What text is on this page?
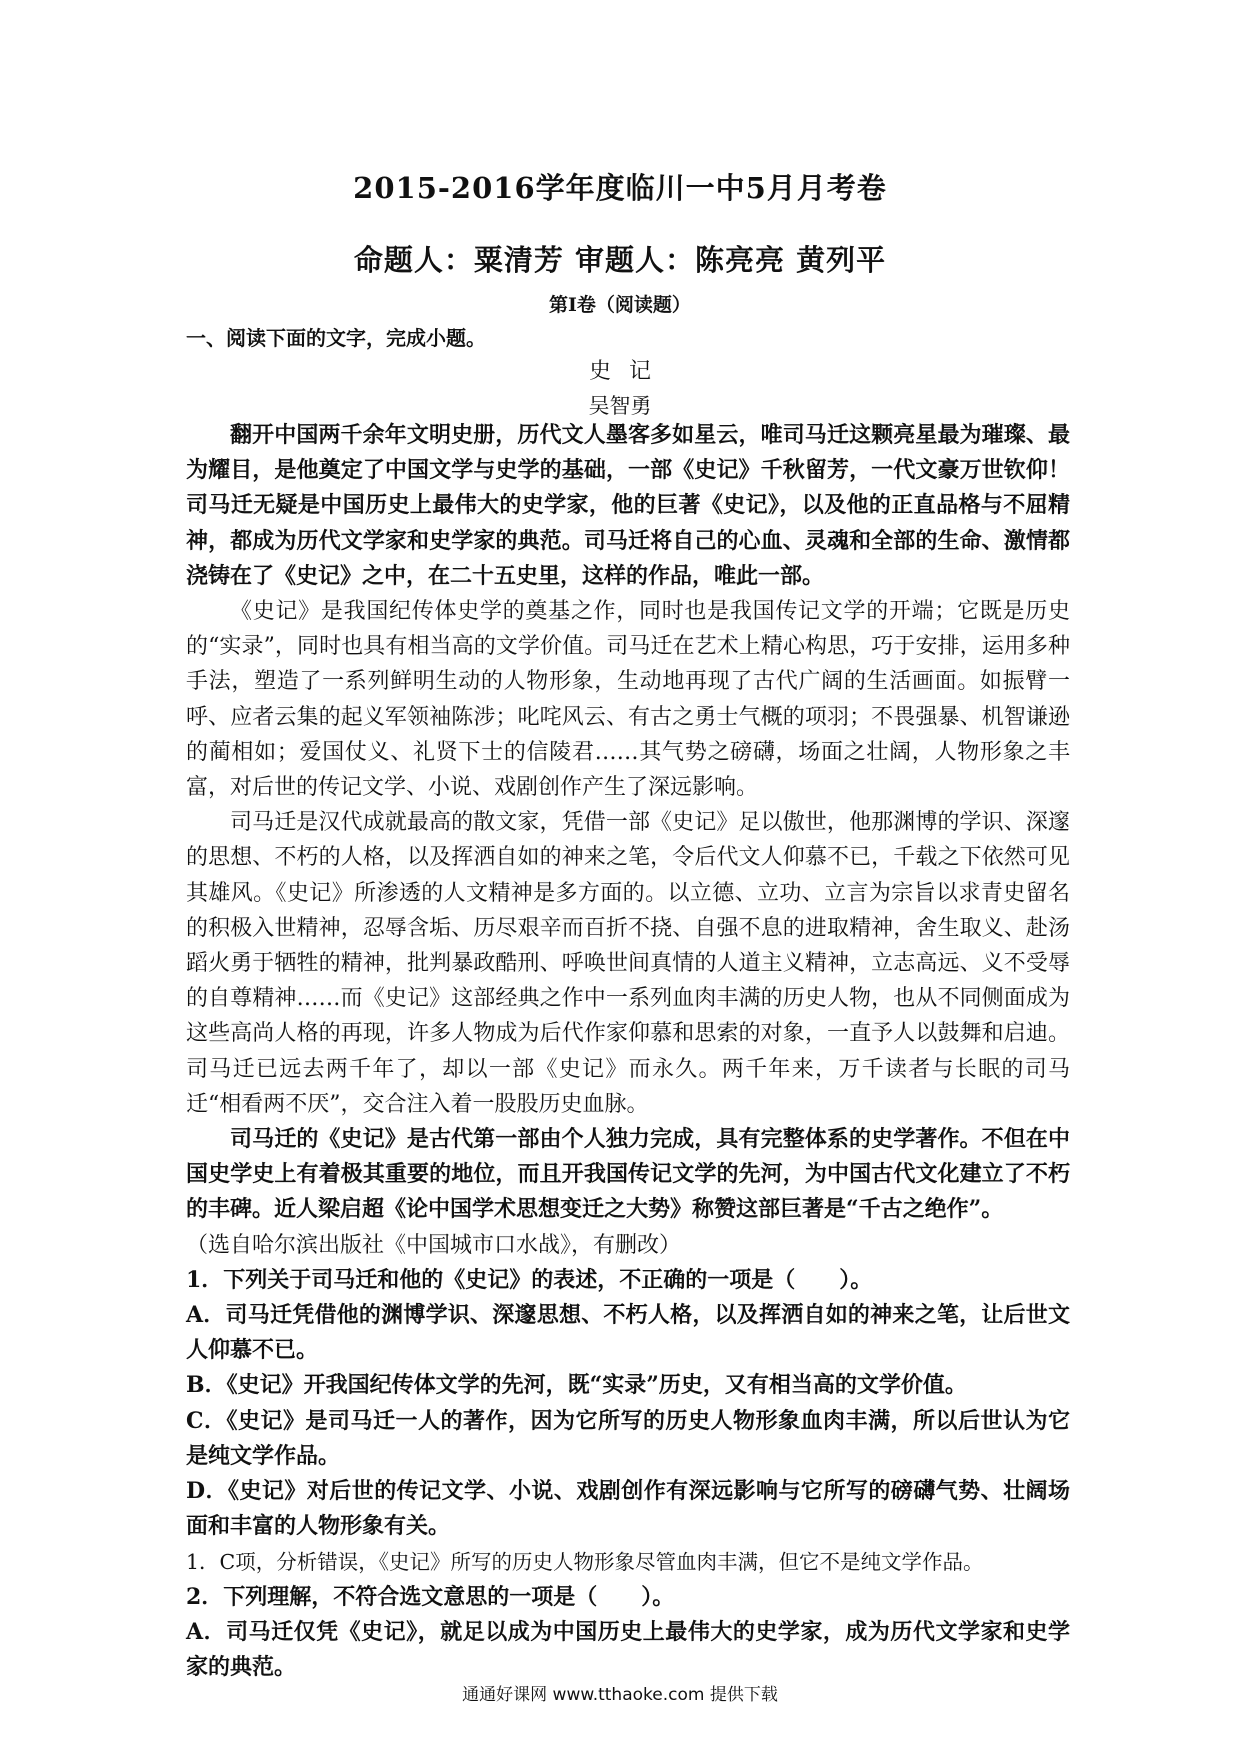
2015-2016学年度临川一中5月月考卷
命题人：粟清芳 审题人：陈亮亮 黄列平
第I卷（阅读题）
一、阅读下面的文字，完成小题。
史记
吴智勇

翻开中国两千余年文明史册，历代文人墨客多如星云，唯司马迁这颗亮星最为璀璨、最为耀目，是他奠定了中国文学与史学的基础，一部《史记》千秋留芳，一代文豪万世钦仰！司马迁无疑是中国历史上最伟大的史学家，他的巨著《史记》，以及他的正直品格与不屈精神，都成为历代文学家和史学家的典范。司马迁将自己的心血、灵魂和全部的生命、激情都浇铸在了《史记》之中，在二十五史里，这样的作品，唯此一部。

《史记》是我国纪传体史学的奠基之作，同时也是我国传记文学的开端；它既是历史的“实录”，同时也具有相当高的文学价值。司马迁在艺术上精心构思，巧于安排，运用多种手法，塑造了一系列鲜明生动的人物形象，生动地再现了古代广阔的生活画面。如振臂一呼、应者云集的起义军领袖陈涉；叱咤风云、有古之勇士气概的项羽；不畏强暴、机智谦逊的蔺相如；爱国仗义、礼贤下士的信陵君……其气势之磅礴，场面之壮阔，人物形象之丰富，对后世的传记文学、小说、戏剧创作产生了深远影响。

司马迁是汉代成就最高的散文家，凭借一部《史记》足以傲世，他那渊博的学识、深邃的思想、不朽的人格，以及挥洒自如的神来之笔，令后代文人仰慕不已，千载之下依然可见其雄风。《史记》所渗透的人文精神是多方面的。以立德、立功、立言为宗旨以求青史留名的积极入世精神，忍辱含垢、历尽艰辛而百折不挠、自强不息的进取精神，舍生取义、赴汤蹈火勇于牺牲的精神，批判暴政酷刑、呼唤世间真情的人道主义精神，立志高远、义不受辱的自尊精神……而《史记》这部经典之作中一系列血肉丰满的历史人物，也从不同侧面成为这些高尚人格的再现，许多人物成为后代作家仰慕和思索的对象，一直予人以鼓舞和启迪。司马迁已远去两千年了，却以一部《史记》而永久。两千年来，万千读者与长眠的司马迁“相看两不厌”，交合注入着一股股历史血脉。

司马迁的《史记》是古代第一部由个人独力完成，具有完整体系的史学著作。不但在中国史学史上有着极其重要的地位，而且开我国传记文学的先河，为中国古代文化建立了不朽的丰碑。近人梁启超《论中国学术思想变迁之大势》称赞这部巨著是“千古之绝作”。

（选自哈尔滨出版社《中国城市口水战》，有删改）

1．下列关于司马迁和他的《史记》的表述，不正确的一项是（　　）。

A．司马迁凭借他的渊博学识、深邃思想、不朽人格，以及挥洒自如的神来之笔，让后世文人仰慕不已。

B．《史记》开我国纪传体文学的先河，既“实录”历史，又有相当高的文学价值。

C．《史记》是司马迁一人的著作，因为它所写的历史人物形象血肉丰满，所以后世认为它是纯文学作品。

D．《史记》对后世的传记文学、小说、戏剧创作有深远影响与它所写的磅礴气势、壮阔场面和丰富的人物形象有关。

1．C项，分析错误，《史记》所写的历史人物形象尽管血肉丰满，但它不是纯文学作品。

2．下列理解，不符合选文意思的一项是（　　）。

A．司马迁仅凭《史记》，就足以成为中国历史上最伟大的史学家，成为历代文学家和史学家的典范。

通通好课网 www.tthaoke.com 提供下载
